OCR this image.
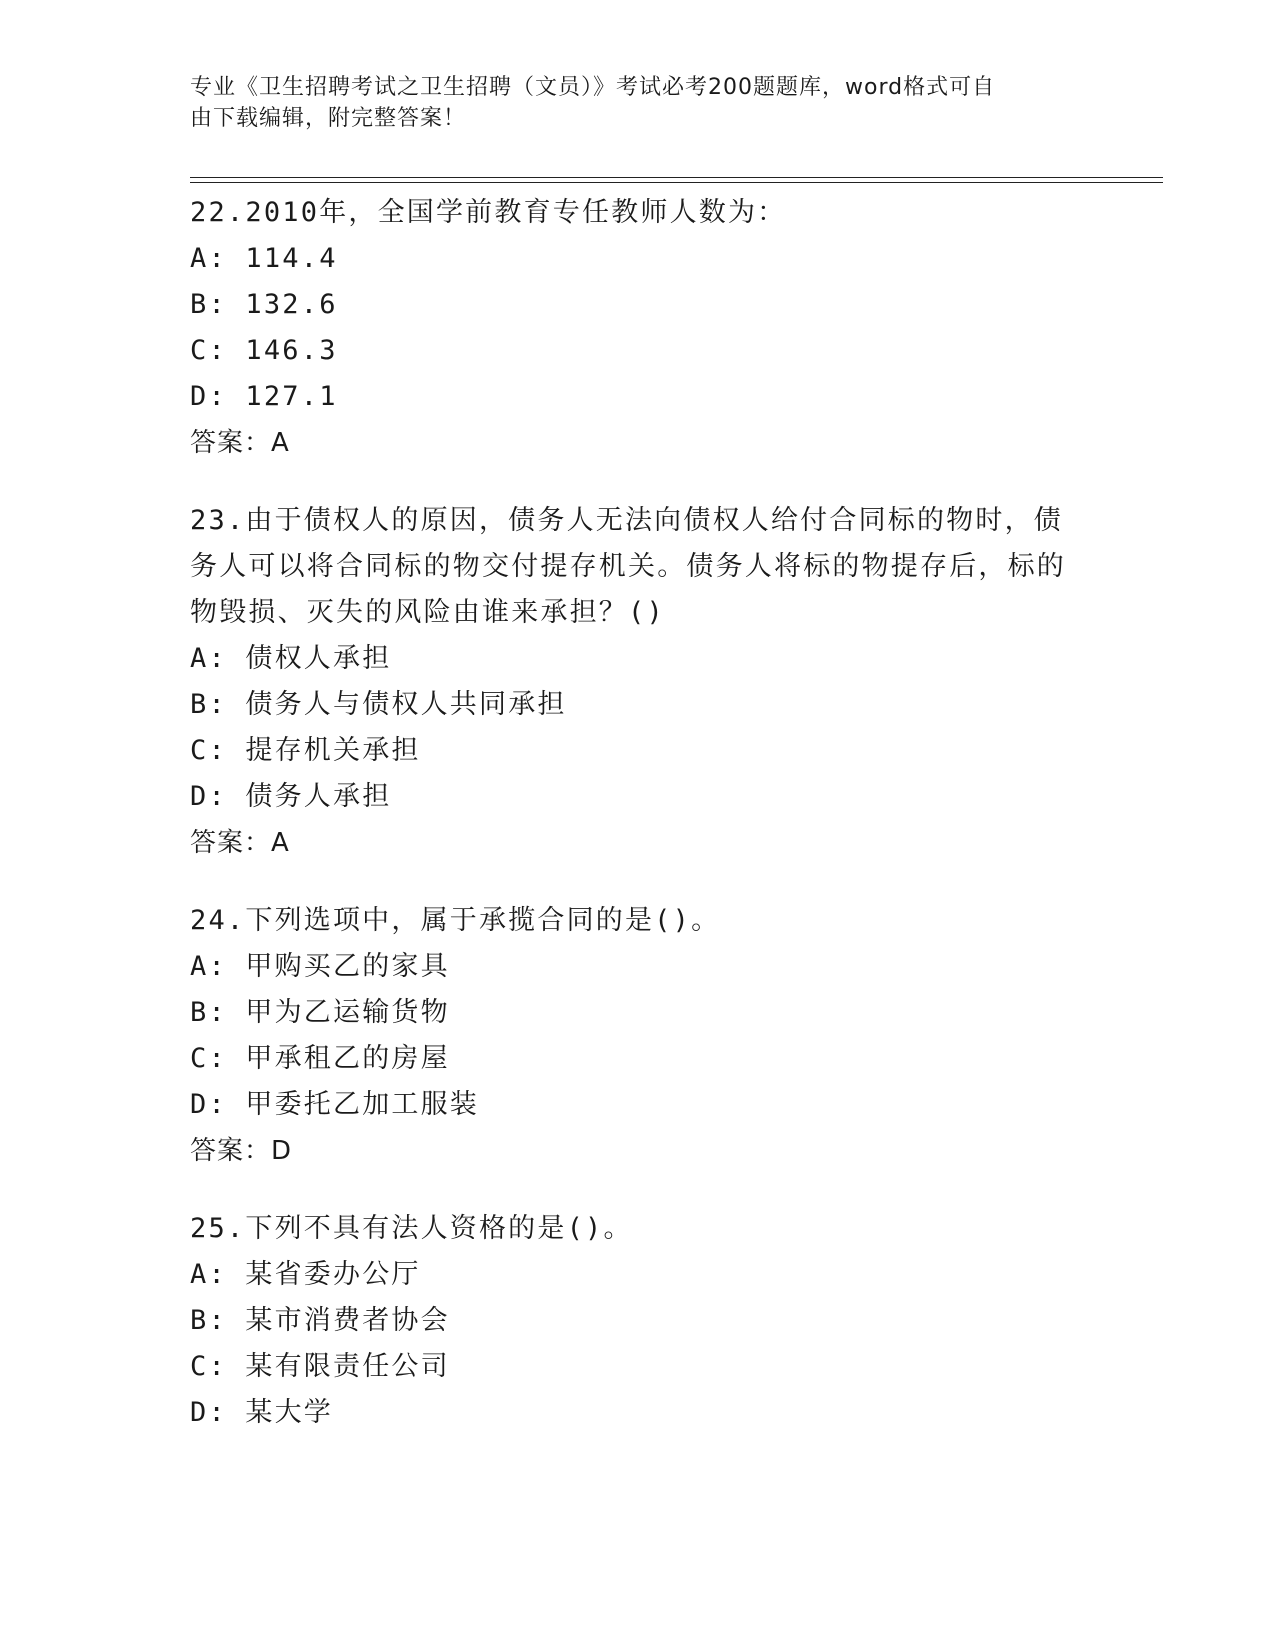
专业《卫生招聘考试之卫生招聘（文员）》考试必考200题题库，word格式可自
由下载编辑，附完整答案！
22.2010年，全国学前教育专任教师人数为：
A: 114.4
B: 132.6
C: 146.3
D: 127.1
答案：A
23.由于债权人的原因，债务人无法向债权人给付合同标的物时，债务人可以将合同标的物交付提存机关。债务人将标的物提存后，标的物毁损、灭失的风险由谁来承担？()
A: 债权人承担
B: 债务人与债权人共同承担
C: 提存机关承担
D: 债务人承担
答案：A
24.下列选项中，属于承揽合同的是()。
A: 甲购买乙的家具
B: 甲为乙运输货物
C: 甲承租乙的房屋
D: 甲委托乙加工服装
答案：D
25.下列不具有法人资格的是()。
A: 某省委办公厅
B: 某市消费者协会
C: 某有限责任公司
D: 某大学
